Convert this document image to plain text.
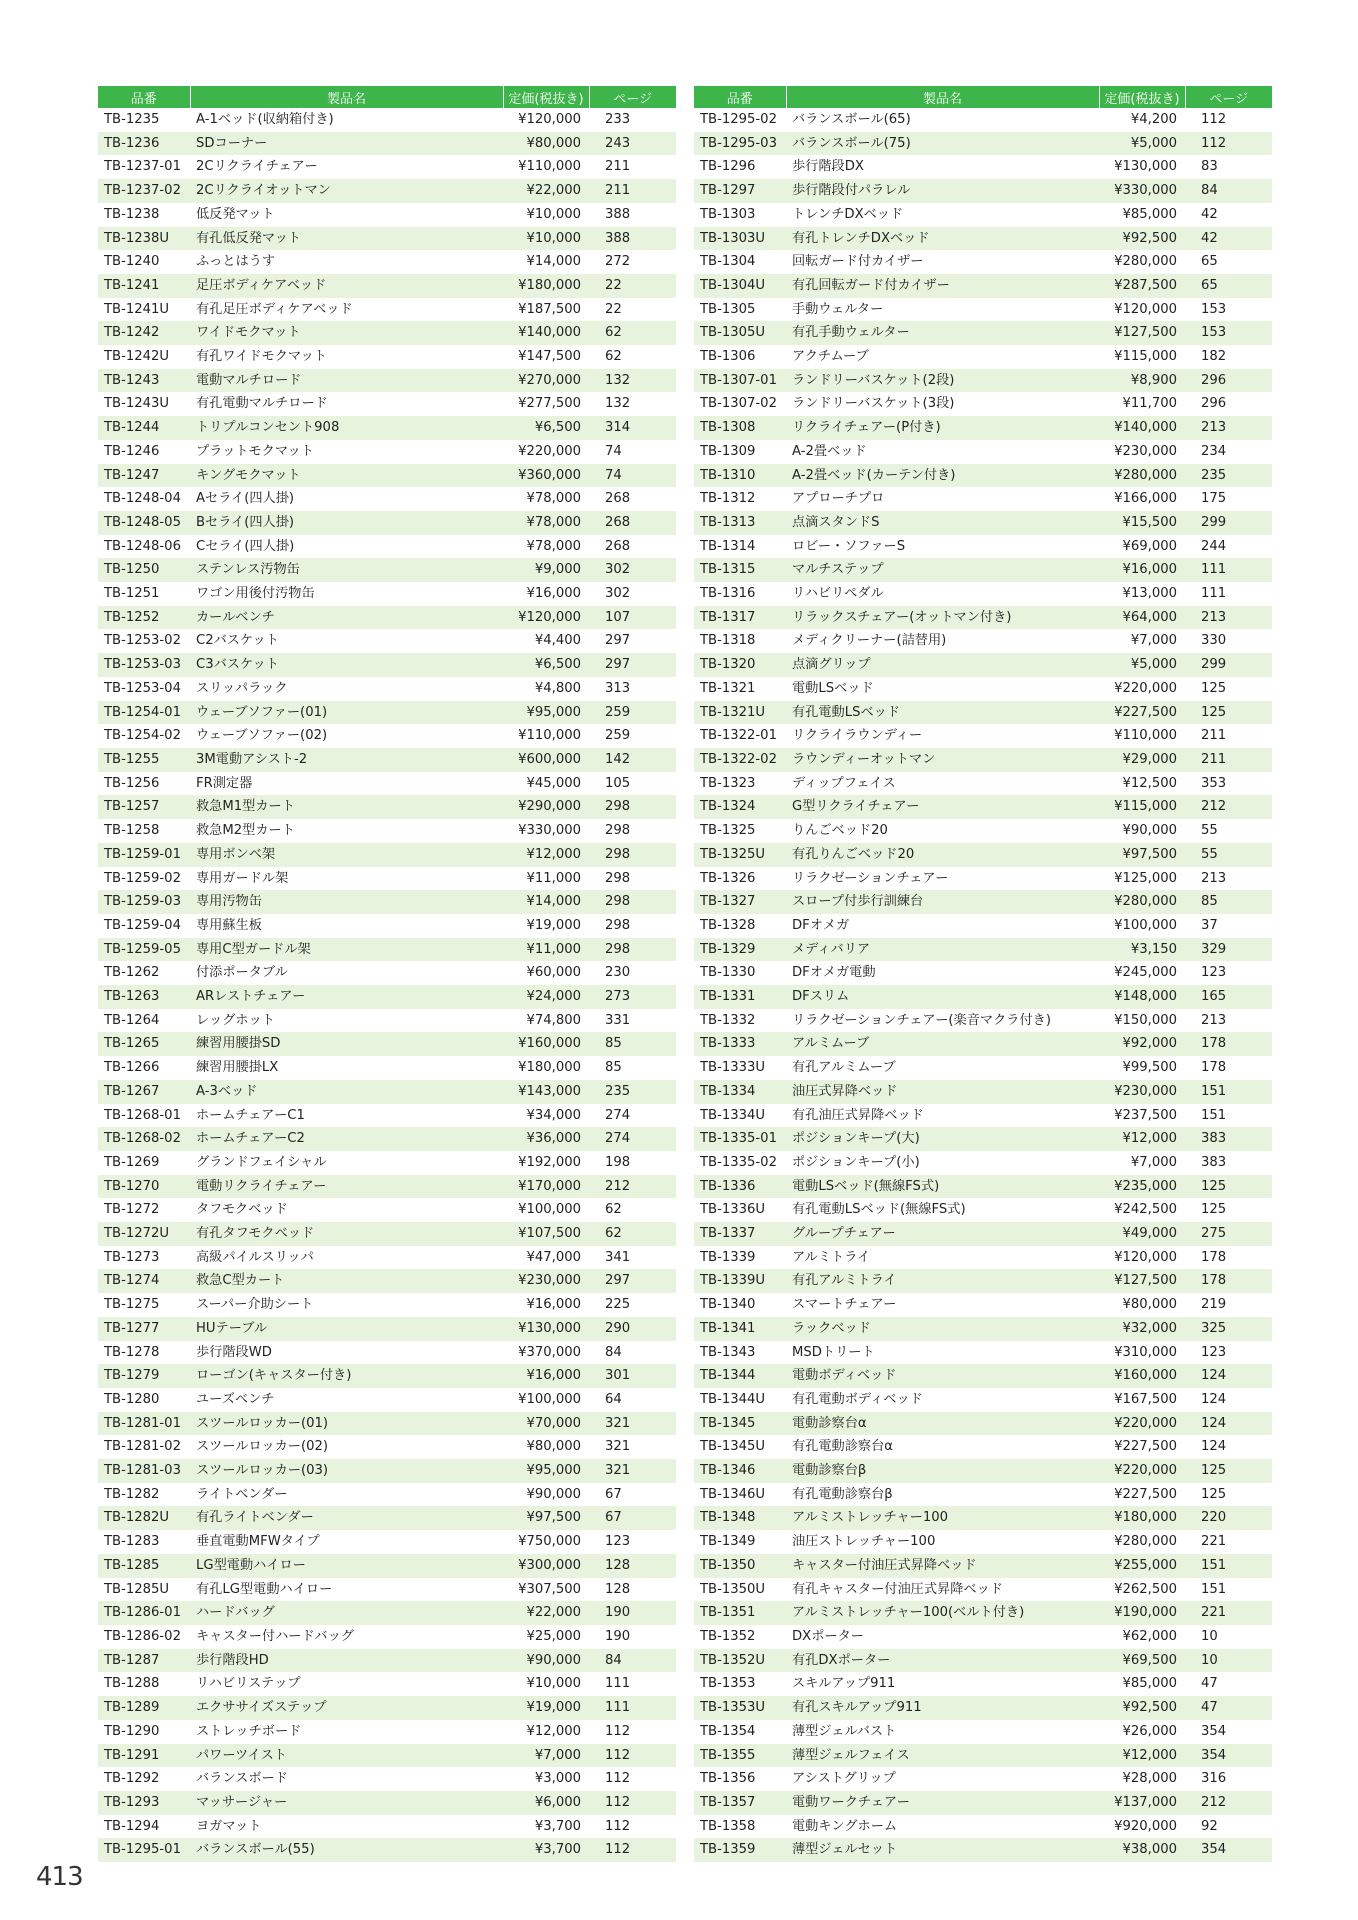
品番	製品名	定価(税抜き)	ページ
TB-1235	A-1ベッド(収納箱付き)	¥120,000	233
TB-1236	SDコーナー	¥80,000	243
TB-1237-01	2Cリクライチェアー	¥110,000	211
TB-1237-02	2Cリクライオットマン	¥22,000	211
TB-1238	低反発マット	¥10,000	388
TB-1238U	有孔低反発マット	¥10,000	388
TB-1240	ふっとはうす	¥14,000	272
TB-1241	足圧ボディケアベッド	¥180,000	22
TB-1241U	有孔足圧ボディケアベッド	¥187,500	22
TB-1242	ワイドモクマット	¥140,000	62
TB-1242U	有孔ワイドモクマット	¥147,500	62
TB-1243	電動マルチロード	¥270,000	132
TB-1243U	有孔電動マルチロード	¥277,500	132
TB-1244	トリプルコンセント908	¥6,500	314
TB-1246	プラットモクマット	¥220,000	74
TB-1247	キングモクマット	¥360,000	74
TB-1248-04	Aセライ(四人掛)	¥78,000	268
TB-1248-05	Bセライ(四人掛)	¥78,000	268
TB-1248-06	Cセライ(四人掛)	¥78,000	268
TB-1250	ステンレス汚物缶	¥9,000	302
TB-1251	ワゴン用後付汚物缶	¥16,000	302
TB-1252	カールベンチ	¥120,000	107
TB-1253-02	C2バスケット	¥4,400	297
TB-1253-03	C3バスケット	¥6,500	297
TB-1253-04	スリッパラック	¥4,800	313
TB-1254-01	ウェーブソファー(01)	¥95,000	259
TB-1254-02	ウェーブソファー(02)	¥110,000	259
TB-1255	3M電動アシスト-2	¥600,000	142
TB-1256	FR測定器	¥45,000	105
TB-1257	救急M1型カート	¥290,000	298
TB-1258	救急M2型カート	¥330,000	298
TB-1259-01	専用ボンベ架	¥12,000	298
TB-1259-02	専用ガードル架	¥11,000	298
TB-1259-03	専用汚物缶	¥14,000	298
TB-1259-04	専用蘇生板	¥19,000	298
TB-1259-05	専用C型ガードル架	¥11,000	298
TB-1262	付添ポータブル	¥60,000	230
TB-1263	ARレストチェアー	¥24,000	273
TB-1264	レッグホット	¥74,800	331
TB-1265	練習用腰掛SD	¥160,000	85
TB-1266	練習用腰掛LX	¥180,000	85
TB-1267	A-3ベッド	¥143,000	235
TB-1268-01	ホームチェアーC1	¥34,000	274
TB-1268-02	ホームチェアーC2	¥36,000	274
TB-1269	グランドフェイシャル	¥192,000	198
TB-1270	電動リクライチェアー	¥170,000	212
TB-1272	タフモクベッド	¥100,000	62
TB-1272U	有孔タフモクベッド	¥107,500	62
TB-1273	高級パイルスリッパ	¥47,000	341
TB-1274	救急C型カート	¥230,000	297
TB-1275	スーパー介助シート	¥16,000	225
TB-1277	HUテーブル	¥130,000	290
TB-1278	歩行階段WD	¥370,000	84
TB-1279	ローゴン(キャスター付き)	¥16,000	301
TB-1280	ユーズベンチ	¥100,000	64
TB-1281-01	スツールロッカー(01)	¥70,000	321
TB-1281-02	スツールロッカー(02)	¥80,000	321
TB-1281-03	スツールロッカー(03)	¥95,000	321
TB-1282	ライトベンダー	¥90,000	67
TB-1282U	有孔ライトベンダー	¥97,500	67
TB-1283	垂直電動MFWタイプ	¥750,000	123
TB-1285	LG型電動ハイロー	¥300,000	128
TB-1285U	有孔LG型電動ハイロー	¥307,500	128
TB-1286-01	ハードバッグ	¥22,000	190
TB-1286-02	キャスター付ハードバッグ	¥25,000	190
TB-1287	歩行階段HD	¥90,000	84
TB-1288	リハビリステップ	¥10,000	111
TB-1289	エクササイズステップ	¥19,000	111
TB-1290	ストレッチボード	¥12,000	112
TB-1291	パワーツイスト	¥7,000	112
TB-1292	バランスボード	¥3,000	112
TB-1293	マッサージャー	¥6,000	112
TB-1294	ヨガマット	¥3,700	112
TB-1295-01	バランスボール(55)	¥3,700	112
品番	製品名	定価(税抜き)	ページ
TB-1295-02	バランスボール(65)	¥4,200	112
TB-1295-03	バランスボール(75)	¥5,000	112
TB-1296	歩行階段DX	¥130,000	83
TB-1297	歩行階段付パラレル	¥330,000	84
TB-1303	トレンチDXベッド	¥85,000	42
TB-1303U	有孔トレンチDXベッド	¥92,500	42
TB-1304	回転ガード付カイザー	¥280,000	65
TB-1304U	有孔回転ガード付カイザー	¥287,500	65
TB-1305	手動ウェルター	¥120,000	153
TB-1305U	有孔手動ウェルター	¥127,500	153
TB-1306	アクチムーブ	¥115,000	182
TB-1307-01	ランドリーバスケット(2段)	¥8,900	296
TB-1307-02	ランドリーバスケット(3段)	¥11,700	296
TB-1308	リクライチェアー(P付き)	¥140,000	213
TB-1309	A-2畳ベッド	¥230,000	234
TB-1310	A-2畳ベッド(カーテン付き)	¥280,000	235
TB-1312	アプローチプロ	¥166,000	175
TB-1313	点滴スタンドS	¥15,500	299
TB-1314	ロビー・ソファーS	¥69,000	244
TB-1315	マルチステップ	¥16,000	111
TB-1316	リハビリペダル	¥13,000	111
TB-1317	リラックスチェアー(オットマン付き)	¥64,000	213
TB-1318	メディクリーナー(詰替用)	¥7,000	330
TB-1320	点滴グリップ	¥5,000	299
TB-1321	電動LSベッド	¥220,000	125
TB-1321U	有孔電動LSベッド	¥227,500	125
TB-1322-01	リクライラウンディー	¥110,000	211
TB-1322-02	ラウンディーオットマン	¥29,000	211
TB-1323	ディップフェイス	¥12,500	353
TB-1324	G型リクライチェアー	¥115,000	212
TB-1325	りんごベッド20	¥90,000	55
TB-1325U	有孔りんごベッド20	¥97,500	55
TB-1326	リラクゼーションチェアー	¥125,000	213
TB-1327	スロープ付歩行訓練台	¥280,000	85
TB-1328	DFオメガ	¥100,000	37
TB-1329	メディバリア	¥3,150	329
TB-1330	DFオメガ電動	¥245,000	123
TB-1331	DFスリム	¥148,000	165
TB-1332	リラクゼーションチェアー(楽音マクラ付き)	¥150,000	213
TB-1333	アルミムーブ	¥92,000	178
TB-1333U	有孔アルミムーブ	¥99,500	178
TB-1334	油圧式昇降ベッド	¥230,000	151
TB-1334U	有孔油圧式昇降ベッド	¥237,500	151
TB-1335-01	ポジションキープ(大)	¥12,000	383
TB-1335-02	ポジションキープ(小)	¥7,000	383
TB-1336	電動LSベッド(無線FS式)	¥235,000	125
TB-1336U	有孔電動LSベッド(無線FS式)	¥242,500	125
TB-1337	グループチェアー	¥49,000	275
TB-1339	アルミトライ	¥120,000	178
TB-1339U	有孔アルミトライ	¥127,500	178
TB-1340	スマートチェアー	¥80,000	219
TB-1341	ラックベッド	¥32,000	325
TB-1343	MSDトリート	¥310,000	123
TB-1344	電動ボディベッド	¥160,000	124
TB-1344U	有孔電動ボディベッド	¥167,500	124
TB-1345	電動診察台α	¥220,000	124
TB-1345U	有孔電動診察台α	¥227,500	124
TB-1346	電動診察台β	¥220,000	125
TB-1346U	有孔電動診察台β	¥227,500	125
TB-1348	アルミストレッチャー100	¥180,000	220
TB-1349	油圧ストレッチャー100	¥280,000	221
TB-1350	キャスター付油圧式昇降ベッド	¥255,000	151
TB-1350U	有孔キャスター付油圧式昇降ベッド	¥262,500	151
TB-1351	アルミストレッチャー100(ベルト付き)	¥190,000	221
TB-1352	DXポーター	¥62,000	10
TB-1352U	有孔DXポーター	¥69,500	10
TB-1353	スキルアップ911	¥85,000	47
TB-1353U	有孔スキルアップ911	¥92,500	47
TB-1354	薄型ジェルバスト	¥26,000	354
TB-1355	薄型ジェルフェイス	¥12,000	354
TB-1356	アシストグリップ	¥28,000	316
TB-1357	電動ワークチェアー	¥137,000	212
TB-1358	電動キングホーム	¥920,000	92
TB-1359	薄型ジェルセット	¥38,000	354
413
